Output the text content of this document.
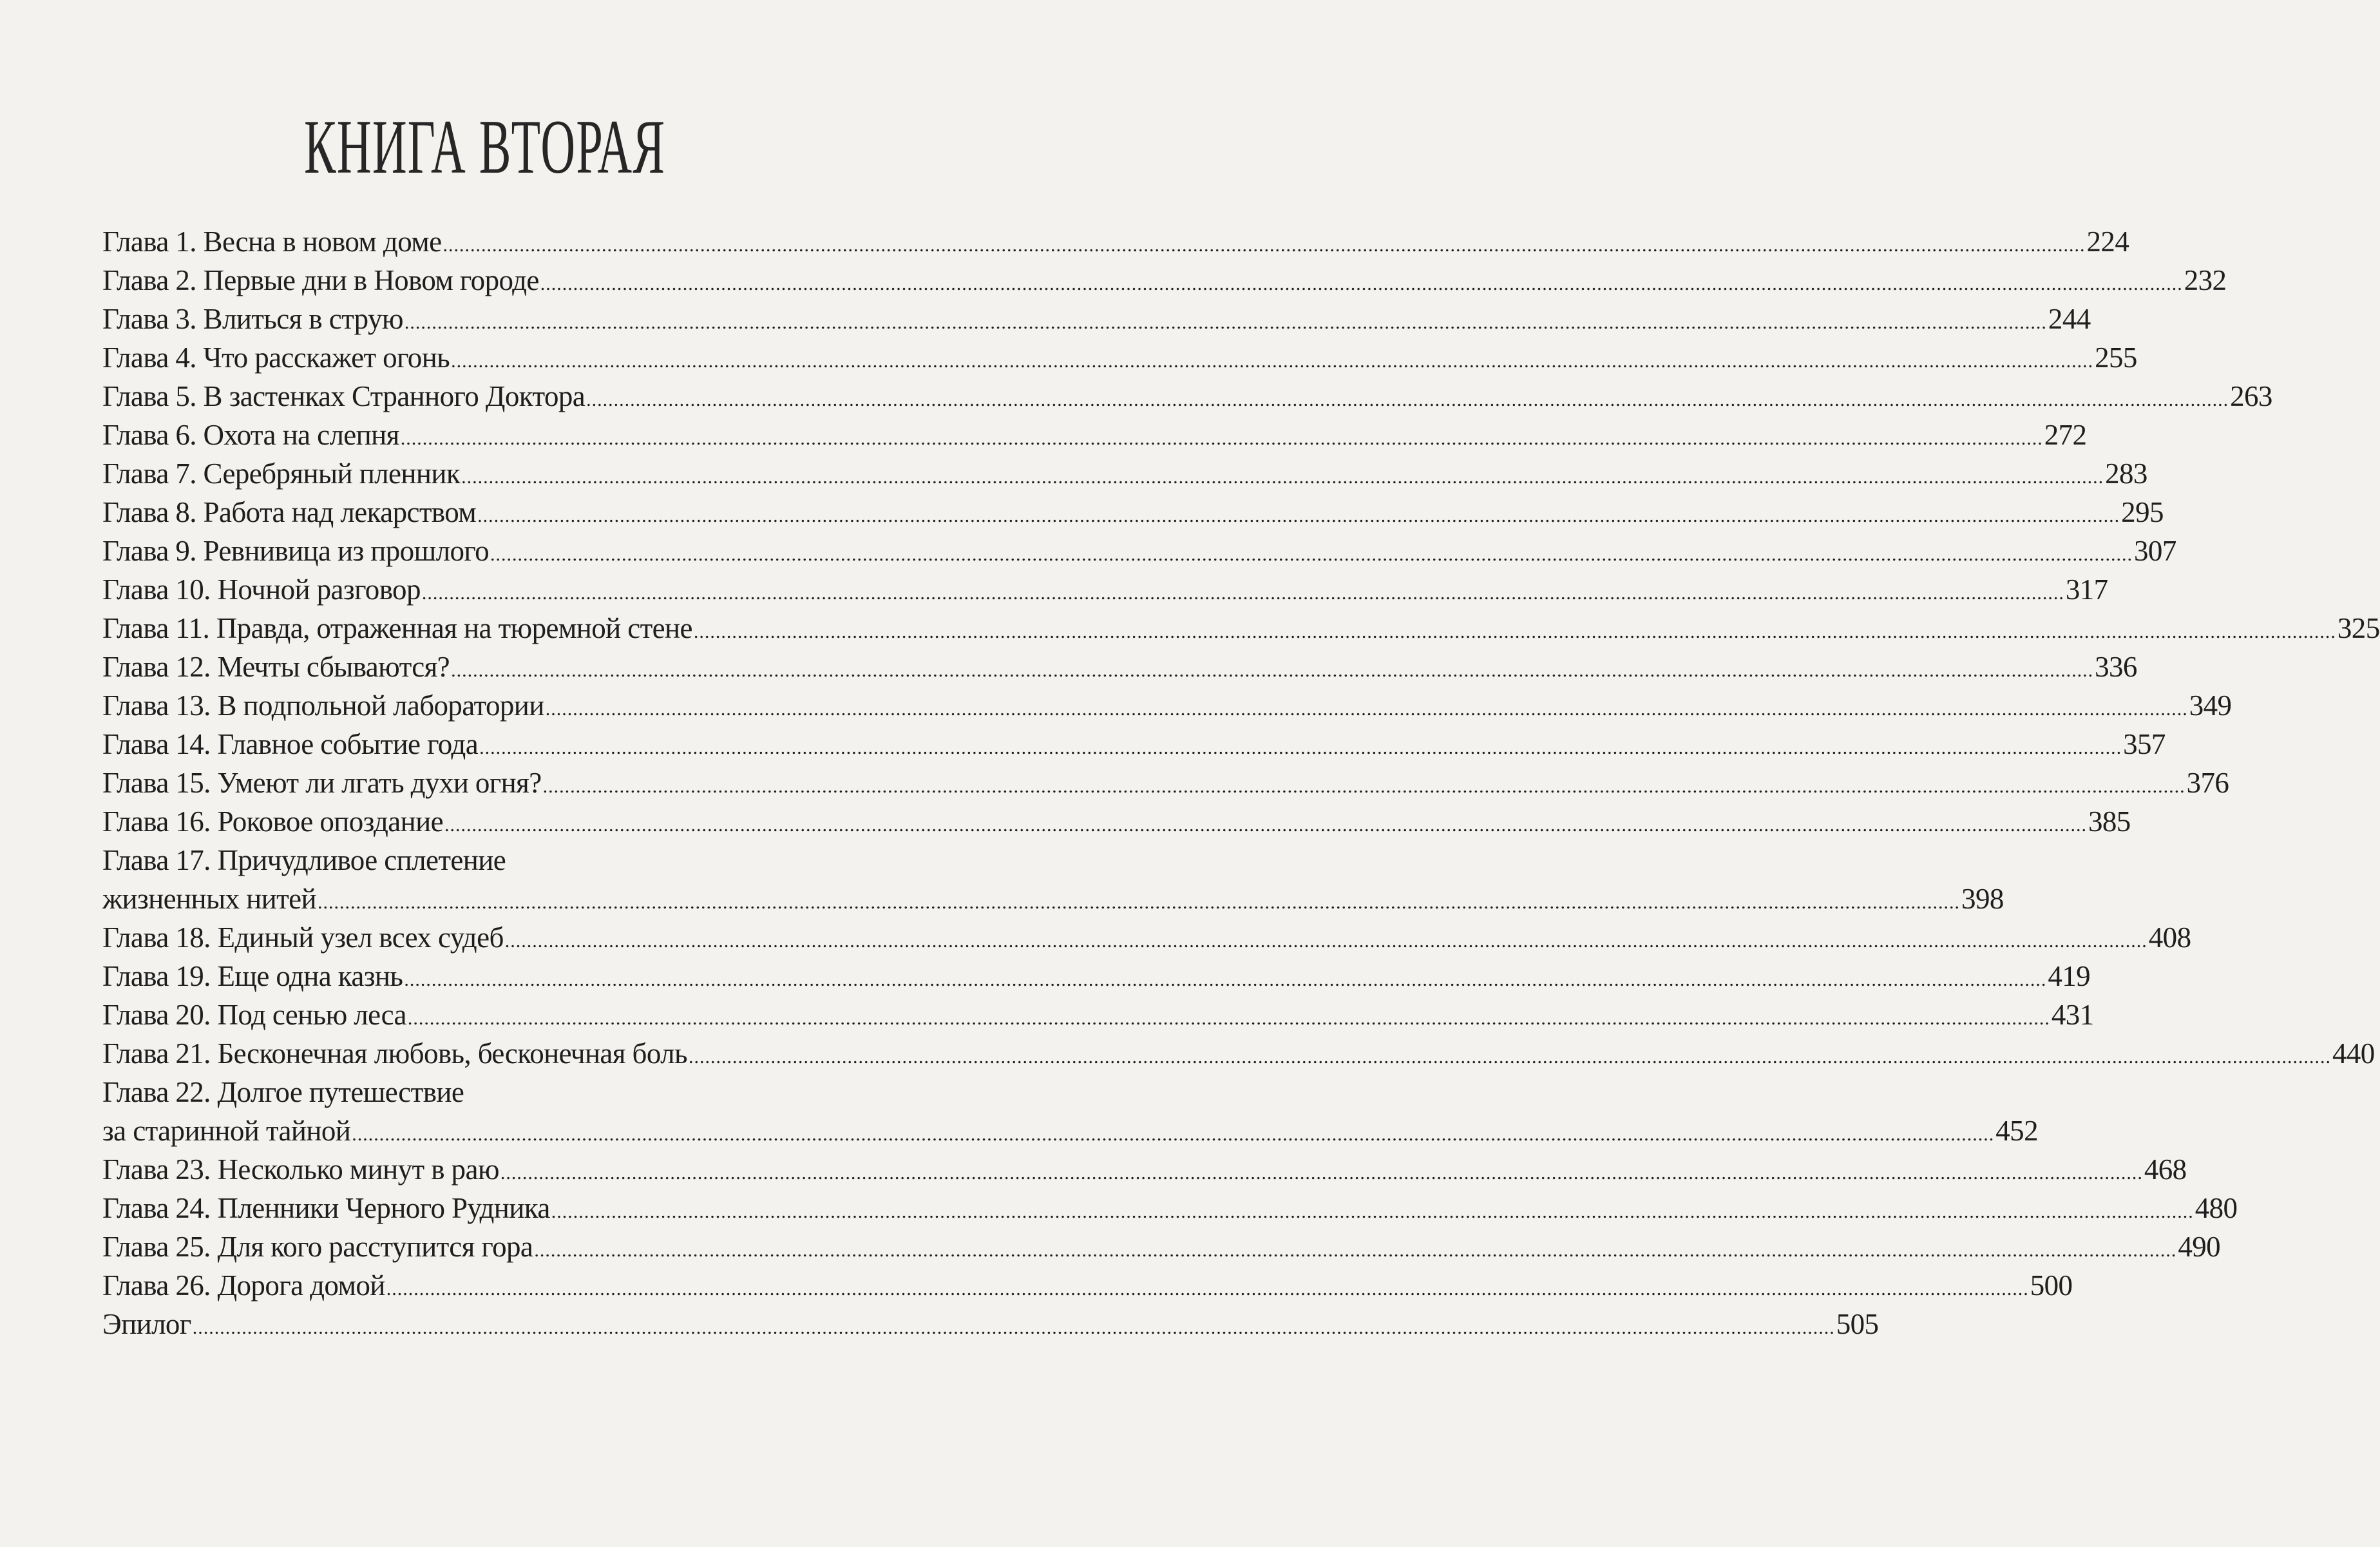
КНИГА ВТОРАЯ
Глава 1. Весна в новом доме ............................................................................................................................................................................................................................................................................................................ 224
Глава 2. Первые дни в Новом городе ............................................................................................................................................................................................................................................................................................................ 232
Глава 3. Влиться в струю ............................................................................................................................................................................................................................................................................................................ 244
Глава 4. Что расскажет огонь ............................................................................................................................................................................................................................................................................................................ 255
Глава 5. В застенках Странного Доктора ............................................................................................................................................................................................................................................................................................................ 263
Глава 6. Охота на слепня ............................................................................................................................................................................................................................................................................................................ 272
Глава 7. Серебряный пленник ............................................................................................................................................................................................................................................................................................................ 283
Глава 8. Работа над лекарством ............................................................................................................................................................................................................................................................................................................ 295
Глава 9. Ревнивица из прошлого ............................................................................................................................................................................................................................................................................................................ 307
Глава 10. Ночной разговор ............................................................................................................................................................................................................................................................................................................ 317
Глава 11. Правда, отраженная на тюремной стене ............................................................................................................................................................................................................................................................................................................ 325
Глава 12. Мечты сбываются? ............................................................................................................................................................................................................................................................................................................ 336
Глава 13. В подпольной лаборатории ............................................................................................................................................................................................................................................................................................................ 349
Глава 14. Главное событие года ............................................................................................................................................................................................................................................................................................................ 357
Глава 15. Умеют ли лгать духи огня? ............................................................................................................................................................................................................................................................................................................ 376
Глава 16. Роковое опоздание ............................................................................................................................................................................................................................................................................................................ 385
Глава 17. Причудливое сплетение
жизненных нитей ............................................................................................................................................................................................................................................................................................................ 398
Глава 18. Единый узел всех судеб ............................................................................................................................................................................................................................................................................................................ 408
Глава 19. Еще одна казнь ............................................................................................................................................................................................................................................................................................................ 419
Глава 20. Под сенью леса ............................................................................................................................................................................................................................................................................................................ 431
Глава 21. Бесконечная любовь, бесконечная боль ............................................................................................................................................................................................................................................................................................................ 440
Глава 22. Долгое путешествие
за старинной тайной ............................................................................................................................................................................................................................................................................................................ 452
Глава 23. Несколько минут в раю ............................................................................................................................................................................................................................................................................................................ 468
Глава 24. Пленники Черного Рудника ............................................................................................................................................................................................................................................................................................................ 480
Глава 25. Для кого расступится гора ............................................................................................................................................................................................................................................................................................................ 490
Глава 26. Дорога домой ............................................................................................................................................................................................................................................................................................................ 500
Эпилог ............................................................................................................................................................................................................................................................................................................ 505
